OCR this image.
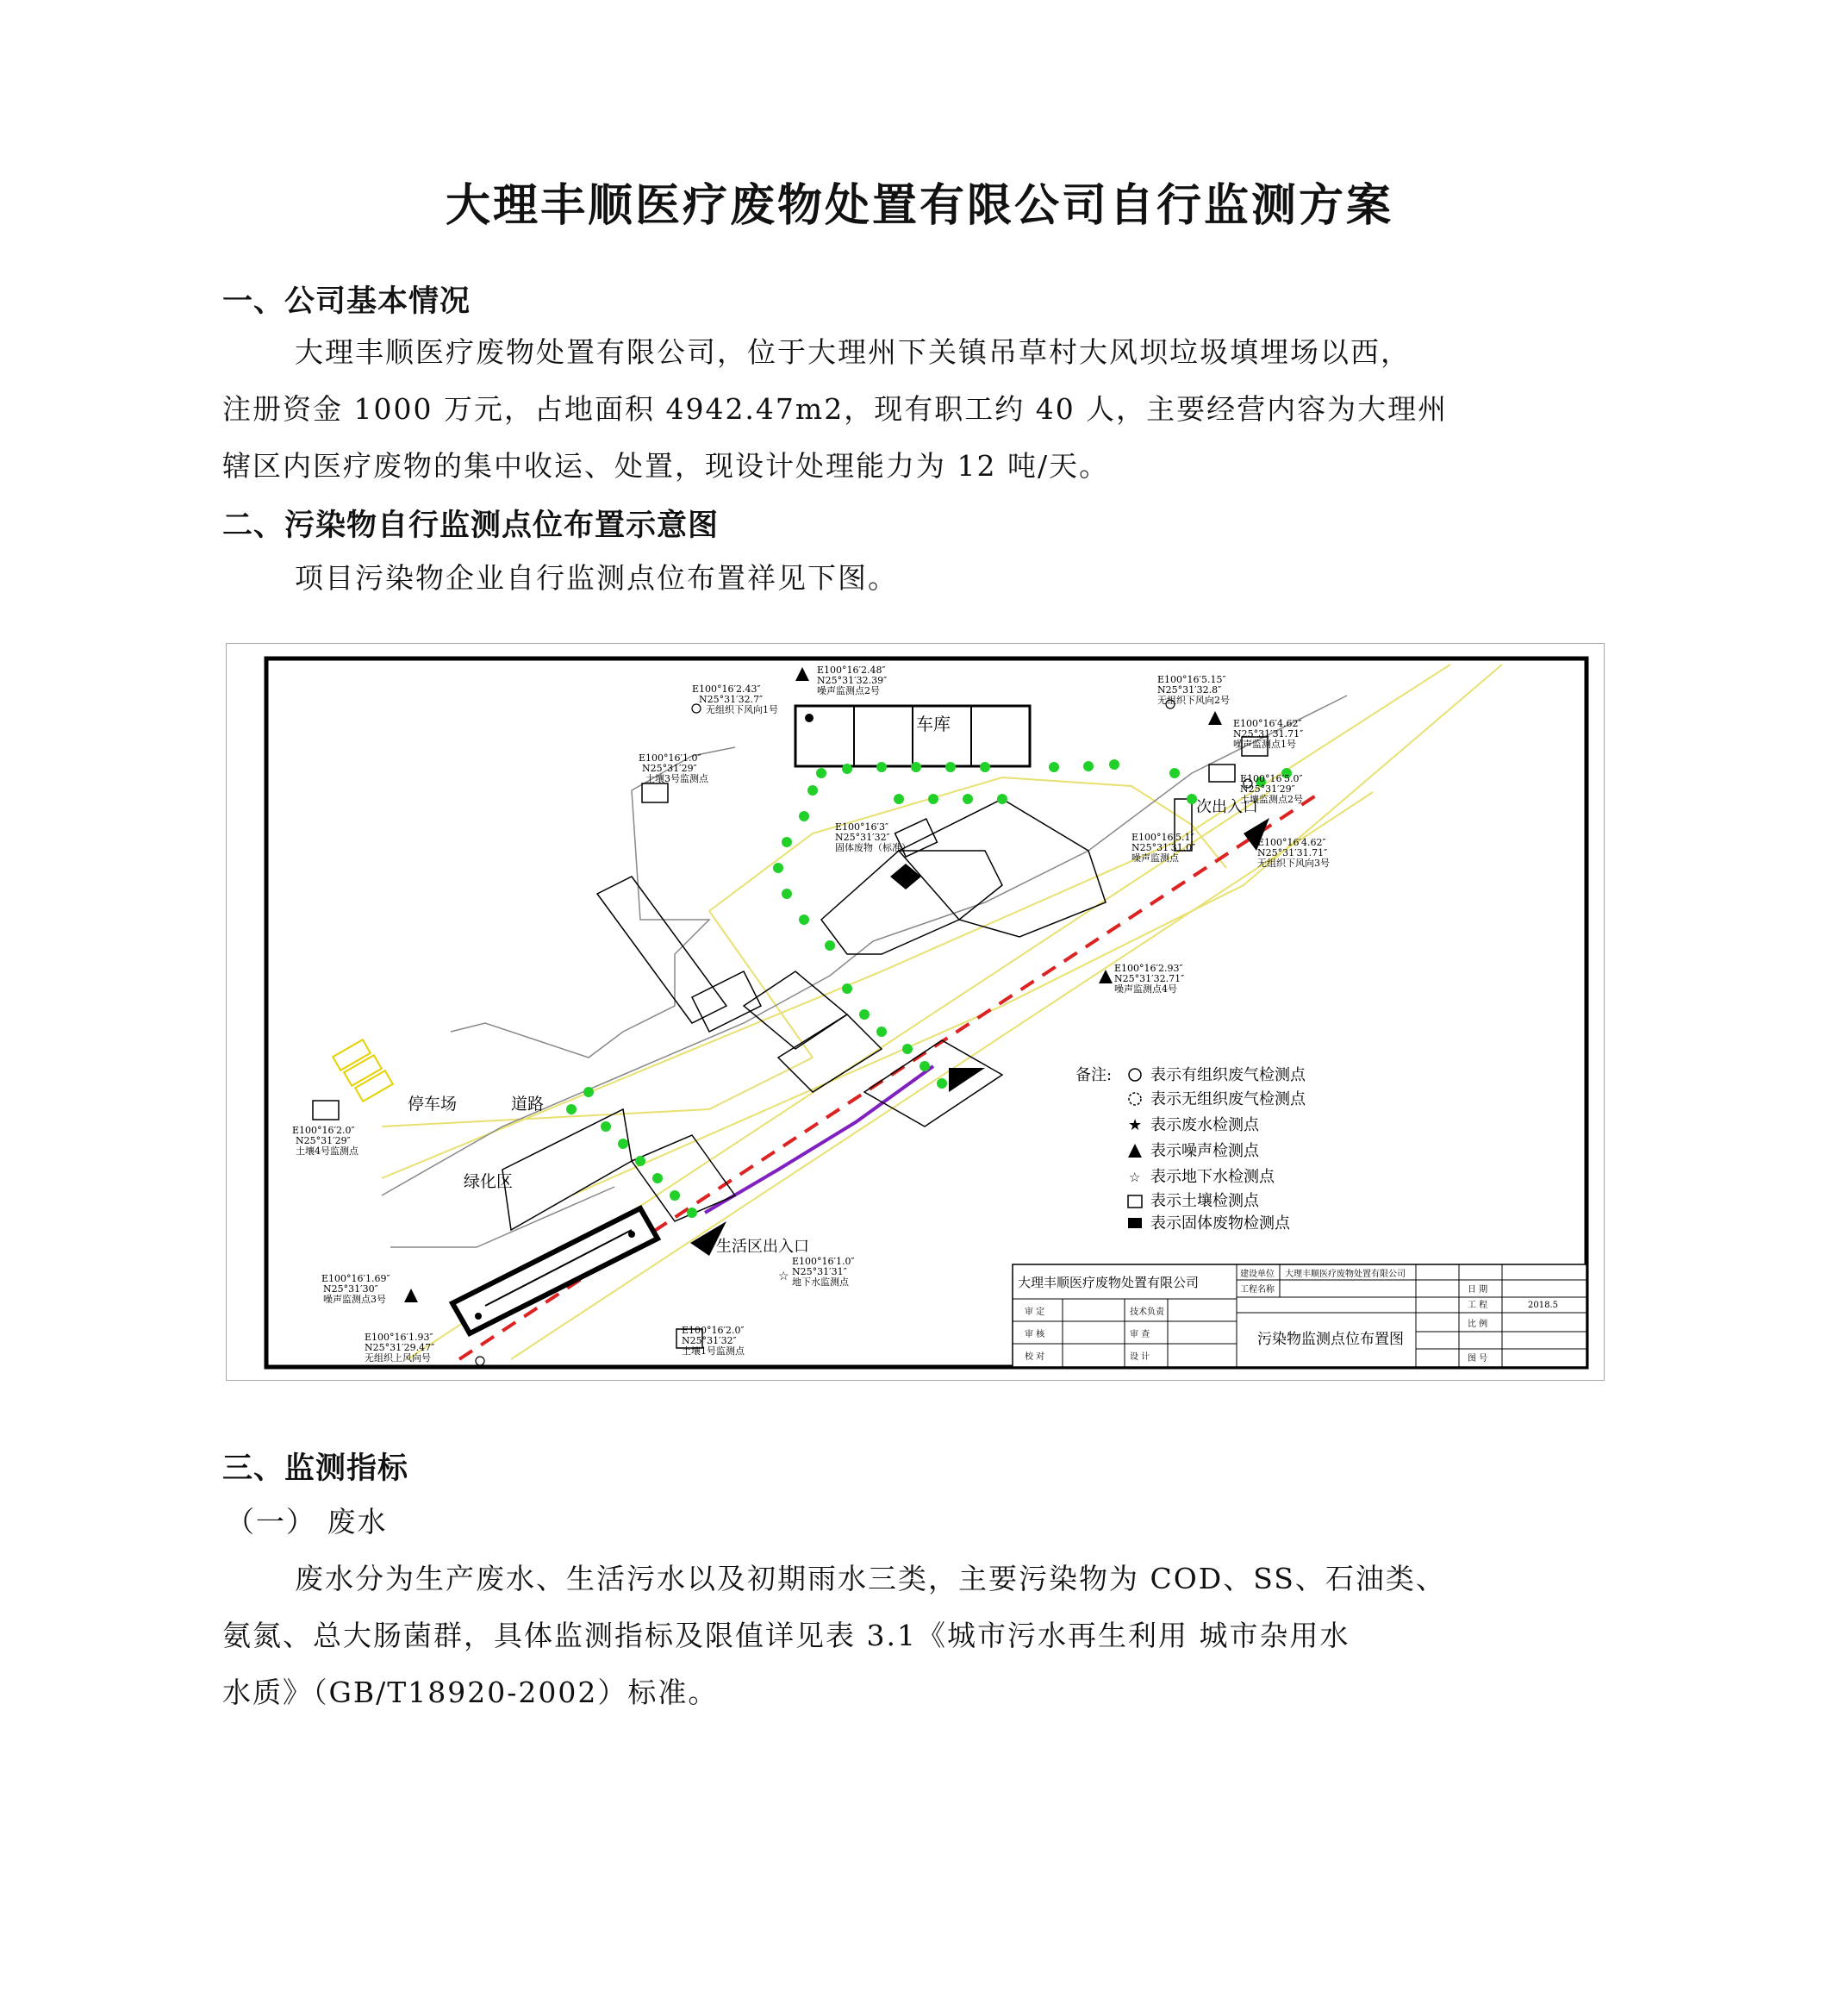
大理丰顺医疗废物处置有限公司自行监测方案
一、公司基本情况
大理丰顺医疗废物处置有限公司，位于大理州下关镇吊草村大风坝垃圾填埋场以西，
注册资金 1000 万元，占地面积 4942.47m2，现有职工约 40 人，主要经营内容为大理州
辖区内医疗废物的集中收运、处置，现设计处理能力为 12 吨/天。
二、污染物自行监测点位布置示意图
项目污染物企业自行监测点位布置祥见下图。
车库
☆
停车场	道路
绿化区
次出入口
生活区出入口
E100°16′2.48″
N25°31′32.39″
噪声监测点2号
E100°16′2.43″
N25°31′32.7″
无组织下风向1号
E100°16′5.15″
N25°31′32.8″
无组织下风向2号
E100°16′4.62″
N25°31′31.71″
噪声监测点1号
E100°16′5.0″
N25°31′29″
土壤监测点2号
E100°16′4.62″
N25°31′31.71″
无组织下风向3号
E100°16′5.1″
N25°31′31.0″
噪声监测点
E100°16′1.0″
N25°31′29″
土壤3号监测点
E100°16′3″
N25°31′32″
固体废物（标准）
E100°16′2.93″
N25°31′32.71″
噪声监测点4号
E100°16′2.0″
N25°31′29″
土壤4号监测点
E100°16′1.69″
N25°31′30″
噪声监测点3号
E100°16′1.93″
N25°31′29.47″
无组织上风向号
E100°16′1.0″
N25°31′31″
地下水监测点
E100°16′2.0″
N25°31′32″
土壤1号监测点
备注: 表示有组织废气检测点
表示无组织废气检测点
★ 表示废水检测点
表示噪声检测点
☆ 表示地下水检测点
表示土壤检测点
表示固体废物检测点
大理丰顺医疗废物处置有限公司
建设单位 大理丰顺医疗废物处置有限公司
工程名称
污染物监测点位布置图
2018.5
审 定
审 核
校 对
技术负责
审 查
设 计
工 程
比 例
图 号
日 期
三、监测指标
（一） 废水
废水分为生产废水、生活污水以及初期雨水三类，主要污染物为 COD、SS、石油类、
氨氮、总大肠菌群，具体监测指标及限值详见表 3.1《城市污水再生利用 城市杂用水
水质》（GB/T18920-2002）标准。
